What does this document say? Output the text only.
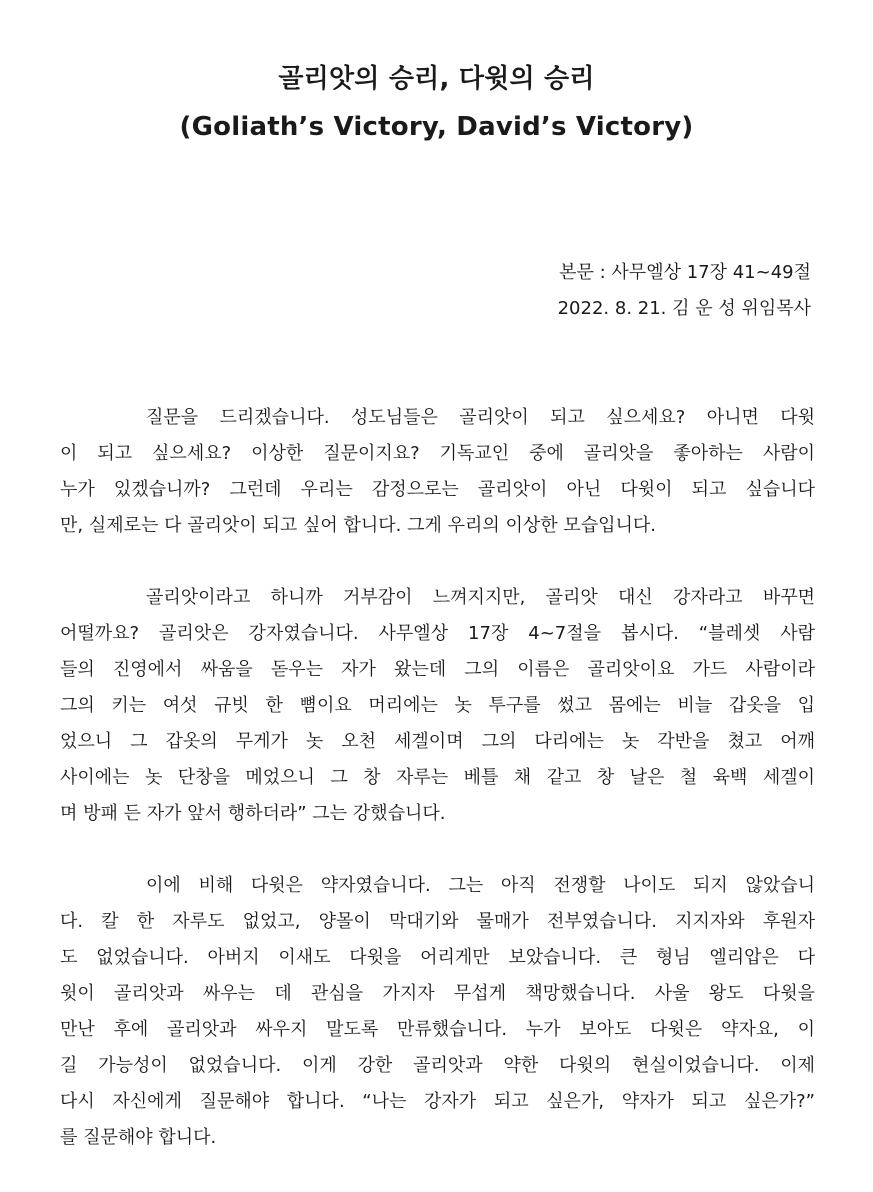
골리앗의 승리, 다윗의 승리
(Goliath’s Victory, David’s Victory)
본문 : 사무엘상 17장 41~49절
2022. 8. 21. 김 운 성 위임목사
질문을 드리겠습니다. 성도님들은 골리앗이 되고 싶으세요? 아니면 다윗
이 되고 싶으세요? 이상한 질문이지요? 기독교인 중에 골리앗을 좋아하는 사람이
누가 있겠습니까? 그런데 우리는 감정으로는 골리앗이 아닌 다윗이 되고 싶습니다
만, 실제로는 다 골리앗이 되고 싶어 합니다. 그게 우리의 이상한 모습입니다.
골리앗이라고 하니까 거부감이 느껴지지만, 골리앗 대신 강자라고 바꾸면
어떨까요? 골리앗은 강자였습니다. 사무엘상 17장 4~7절을 봅시다. “블레셋 사람
들의 진영에서 싸움을 돋우는 자가 왔는데 그의 이름은 골리앗이요 가드 사람이라
그의 키는 여섯 규빗 한 뼘이요 머리에는 놋 투구를 썼고 몸에는 비늘 갑옷을 입
었으니 그 갑옷의 무게가 놋 오천 세겔이며 그의 다리에는 놋 각반을 쳤고 어깨
사이에는 놋 단창을 메었으니 그 창 자루는 베틀 채 같고 창 날은 철 육백 세겔이
며 방패 든 자가 앞서 행하더라” 그는 강했습니다.
이에 비해 다윗은 약자였습니다. 그는 아직 전쟁할 나이도 되지 않았습니
다. 칼 한 자루도 없었고, 양몰이 막대기와 물매가 전부였습니다. 지지자와 후원자
도 없었습니다. 아버지 이새도 다윗을 어리게만 보았습니다. 큰 형님 엘리압은 다
윗이 골리앗과 싸우는 데 관심을 가지자 무섭게 책망했습니다. 사울 왕도 다윗을
만난 후에 골리앗과 싸우지 말도록 만류했습니다. 누가 보아도 다윗은 약자요, 이
길 가능성이 없었습니다. 이게 강한 골리앗과 약한 다윗의 현실이었습니다. 이제
다시 자신에게 질문해야 합니다. “나는 강자가 되고 싶은가, 약자가 되고 싶은가?”
를 질문해야 합니다.
